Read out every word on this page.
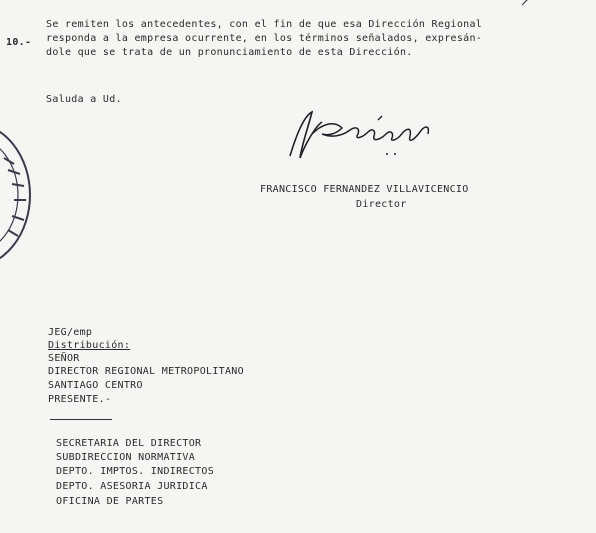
10.-
Se remiten los antecedentes, con el fin de que esa Dirección Regional
responda a la empresa ocurrente, en los términos señalados, expresán-
dole que se trata de un pronunciamiento de esta Dirección.
Saluda a Ud.
FRANCISCO FERNANDEZ VILLAVICENCIO
Director
JEG/emp
Distribución:
SEÑOR
DIRECTOR REGIONAL METROPOLITANO
SANTIAGO CENTRO
PRESENTE.-
SECRETARIA DEL DIRECTOR
SUBDIRECCION NORMATIVA
DEPTO. IMPTOS. INDIRECTOS
DEPTO. ASESORIA JURIDICA
OFICINA DE PARTES
